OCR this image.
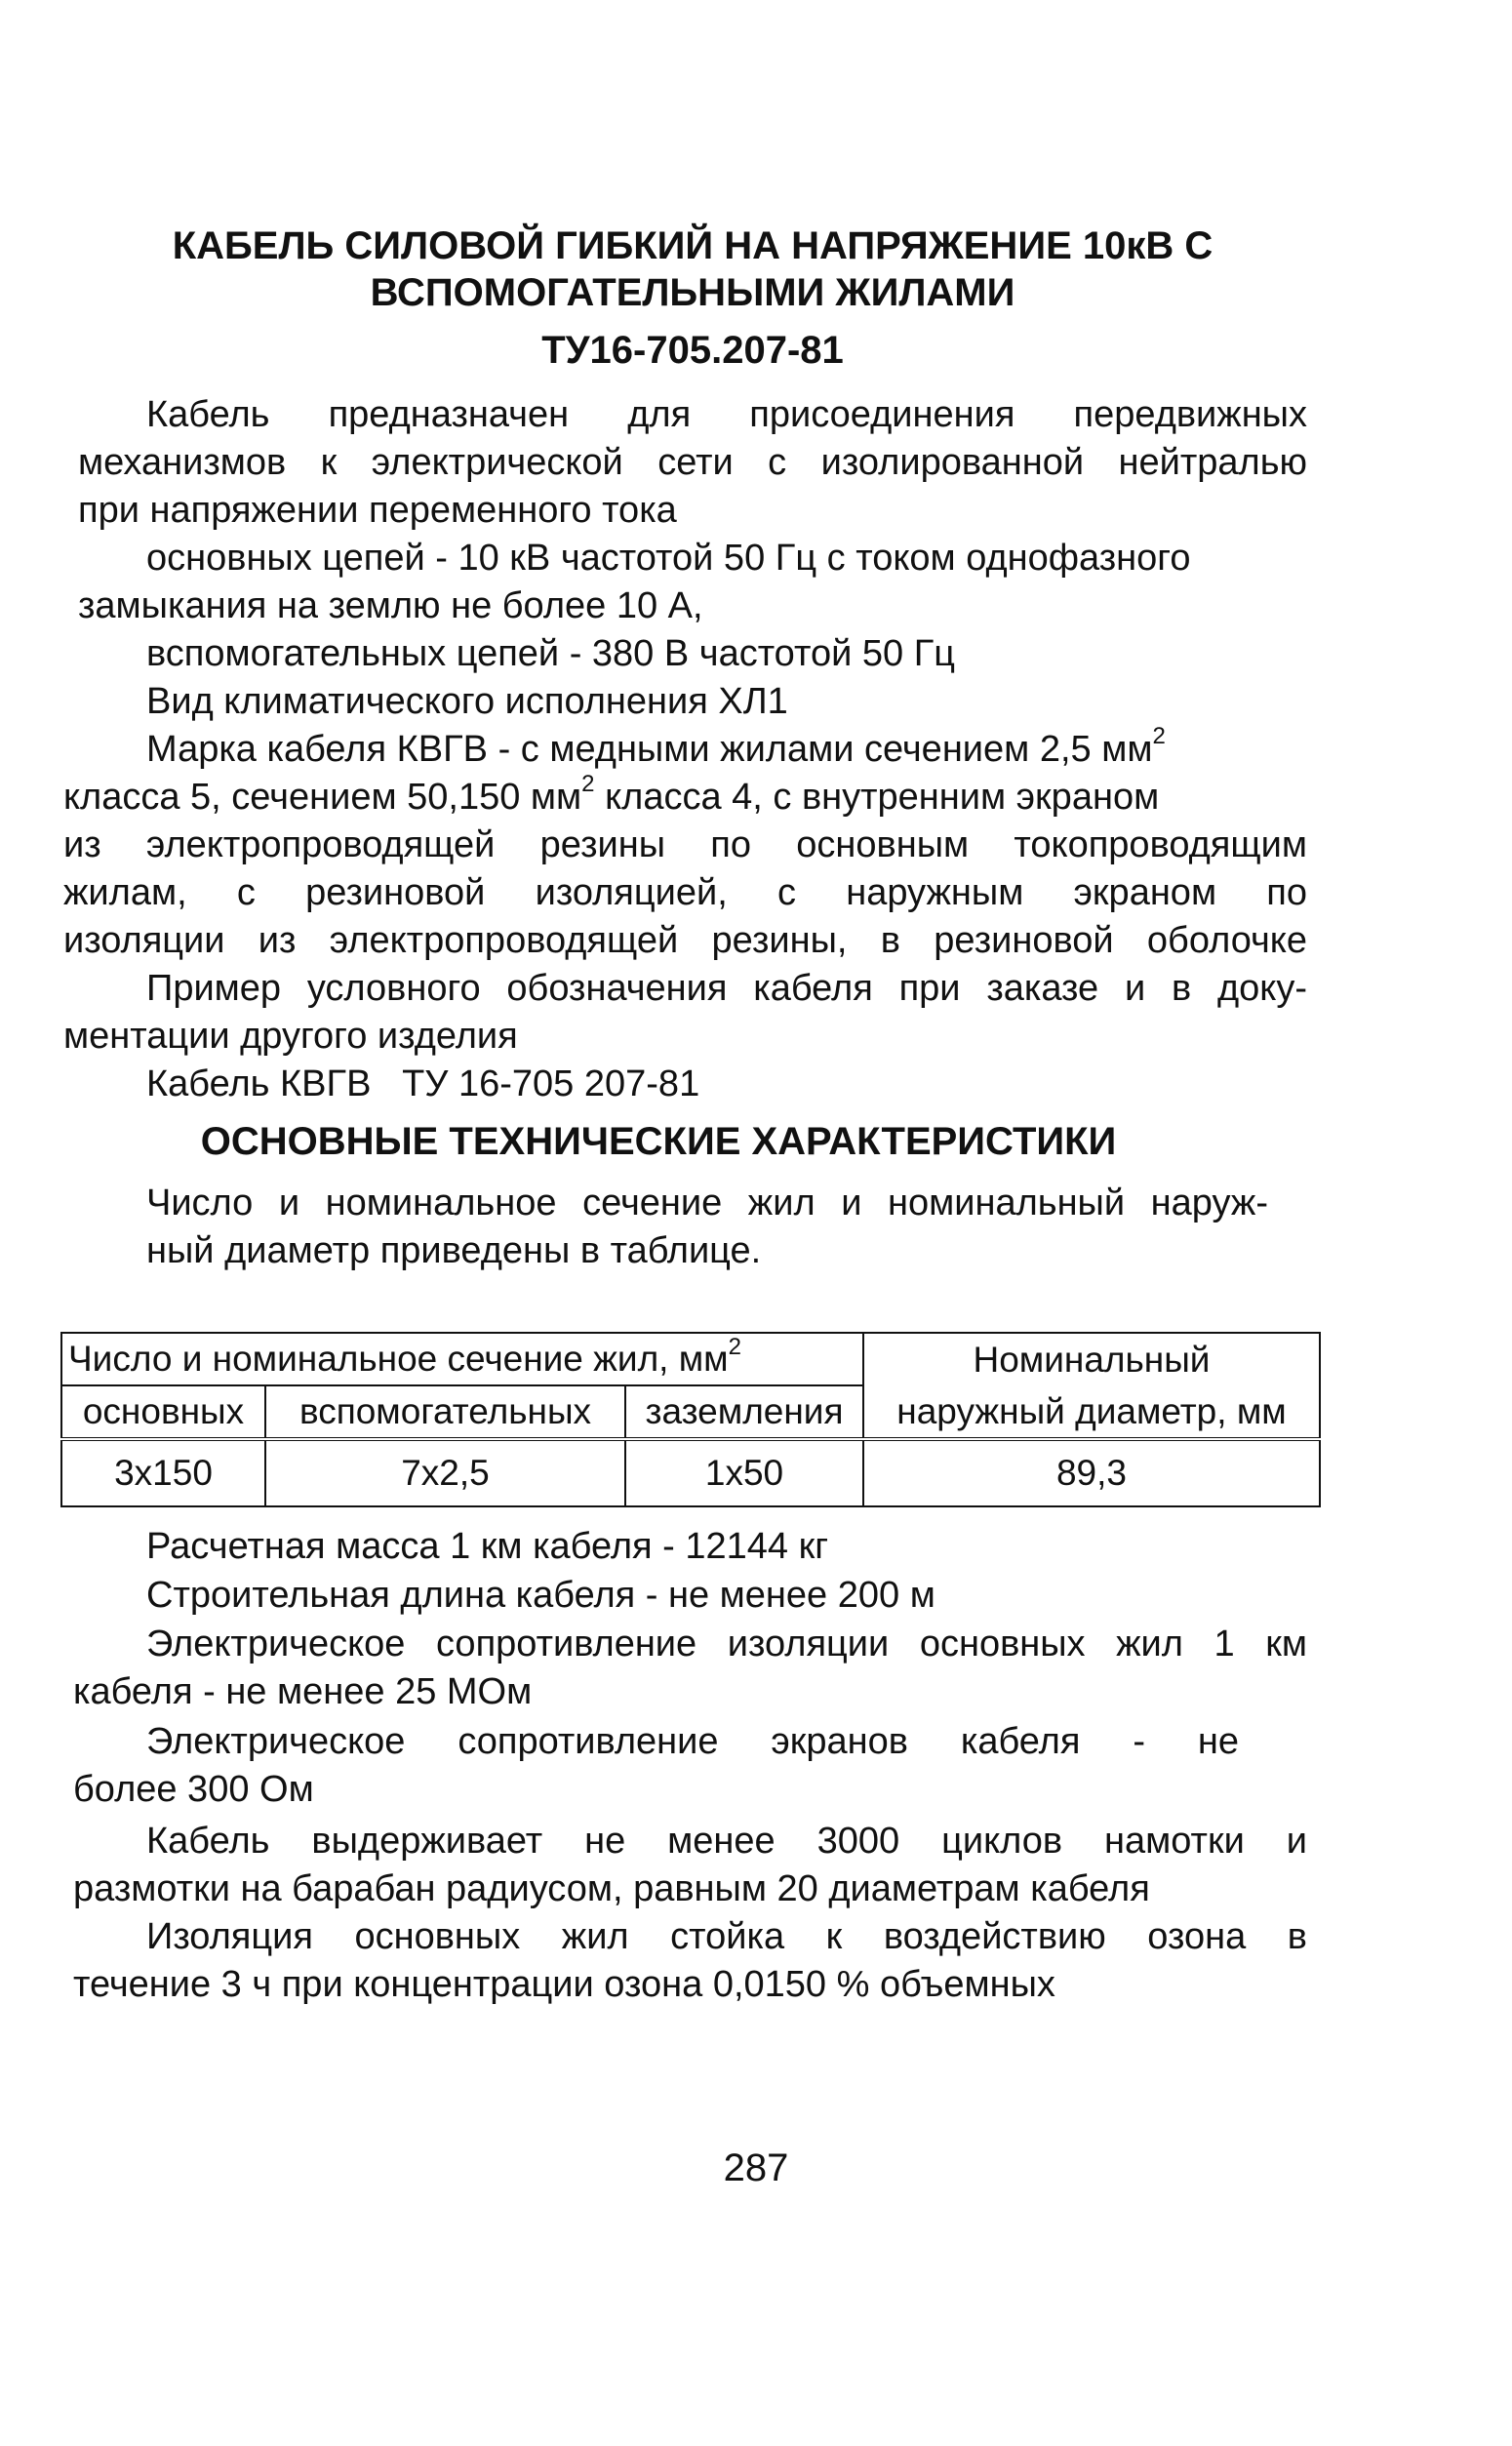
КАБЕЛЬ СИЛОВОЙ ГИБКИЙ НА НАПРЯЖЕНИЕ 10кВ С
ВСПОМОГАТЕЛЬНЫМИ ЖИЛАМИ
ТУ16-705.207-81

Кабель предназначен для присоединения передвижных

механизмов к электрической сети с изолированной нейтралью

при напряжении переменного тока

основных цепей - 10 кВ частотой 50 Гц с током однофазного

замыкания на землю не более 10 А,

вспомогательных цепей - 380 В частотой 50 Гц

Вид климатического исполнения ХЛ1

Марка кабеля КВГВ - с медными жилами сечением 2,5 $мм^2$

класса 5, сечением 50,150 $мм^2$ класса 4, с внутренним экраном

из электропроводящей резины по основным токопроводящим

жилам, с резиновой изоляцией, с наружным экраном по

изоляции из электропроводящей резины, в резиновой оболочке

Пример условного обозначения кабеля при заказе и в доку-

ментации другого изделия

Кабель КВГВ   ТУ 16-705 207-81

ОСНОВНЫЕ ТЕХНИЧЕСКИЕ ХАРАКТЕРИСТИКИ

Число и номинальное сечение жил и номинальный наруж-

ный диаметр приведены в таблице.

Число и номинальное сечение жил, $мм^2$			Номинальный
основных	вспомогательных	заземления	наружный диаметр, мм
3х150	7х2,5	1х50	89,3

Расчетная масса 1 км кабеля - 12144 кг

Строительная длина кабеля - не менее 200 м

Электрическое сопротивление изоляции основных жил 1 км

кабеля - не менее 25 МОм

Электрическое сопротивление экранов кабеля - не

более 300 Ом

Кабель выдерживает не менее 3000 циклов намотки и

размотки на барабан радиусом, равным 20 диаметрам кабеля

Изоляция основных жил стойка к воздействию озона в

течение 3 ч при концентрации озона 0,0150 % объемных

287
